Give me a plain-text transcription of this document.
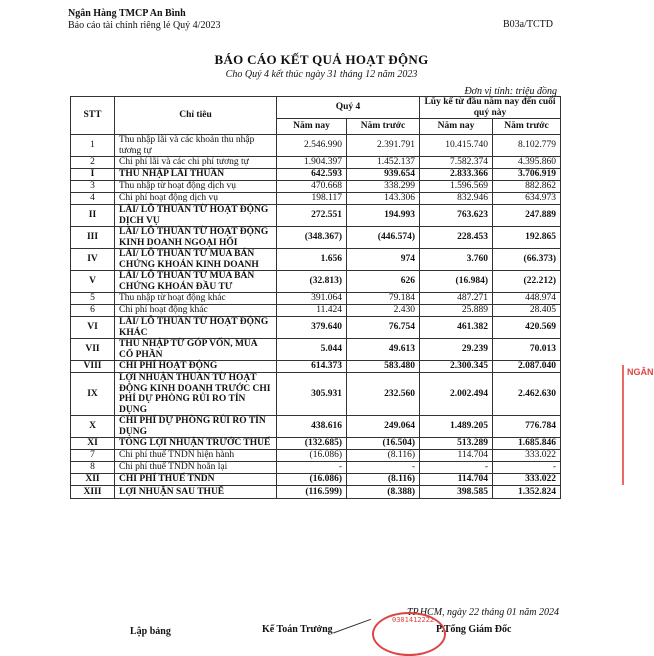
Ngân Hàng TMCP An Bình
Báo cáo tài chính riêng lẻ Quý 4/2023	B03a/TCTD
BÁO CÁO KẾT QUẢ HOẠT ĐỘNG
Cho Quý 4 kết thúc ngày 31 tháng 12 năm 2023
Đơn vị tính: triệu đồng
STT	Chỉ tiêu	Quý 4		Lũy kế từ đầu năm nay đến cuối quý này	
		Năm nay	Năm trước	Năm nay	Năm trước
1	Thu nhập lãi và các khoản thu nhập tương tự	2.546.990	2.391.791	10.415.740	8.102.779
2	Chi phí lãi và các chi phí tương tự	1.904.397	1.452.137	7.582.374	4.395.860
I	THU NHẬP LÃI THUẦN	642.593	939.654	2.833.366	3.706.919
3	Thu nhập từ hoạt động dịch vụ	470.668	338.299	1.596.569	882.862
4	Chi phí hoạt động dịch vụ	198.117	143.306	832.946	634.973
II	LÃI/ LỖ THUẦN TỪ HOẠT ĐỘNG DỊCH VỤ	272.551	194.993	763.623	247.889
III	LÃI/ LỖ THUẦN TỪ HOẠT ĐỘNG KINH DOANH NGOẠI HỐI	(348.367)	(446.574)	228.453	192.865
IV	LÃI/ LỖ THUẦN TỪ MUA BÁN CHỨNG KHOÁN KINH DOANH	1.656	974	3.760	(66.373)
V	LÃI/ LỖ THUẦN TỪ MUA BÁN CHỨNG KHOÁN ĐẦU TƯ	(32.813)	626	(16.984)	(22.212)
5	Thu nhập từ hoạt động khác	391.064	79.184	487.271	448.974
6	Chi phí hoạt động khác	11.424	2.430	25.889	28.405
VI	LÃI/ LỖ THUẦN TỪ HOẠT ĐỘNG KHÁC	379.640	76.754	461.382	420.569
VII	THU NHẬP TỪ GÓP VỐN, MUA CỔ PHẦN	5.044	49.613	29.239	70.013
VIII	CHI PHÍ HOẠT ĐỘNG	614.373	583.480	2.300.345	2.087.040
IX	LỢI NHUẬN THUẦN TỪ HOẠT ĐỘNG KINH DOANH TRƯỚC CHI PHÍ DỰ PHÒNG RỦI RO TÍN DỤNG	305.931	232.560	2.002.494	2.462.630
X	CHI PHÍ DỰ PHÒNG RỦI RO TÍN DỤNG	438.616	249.064	1.489.205	776.784
XI	TỔNG LỢI NHUẬN TRƯỚC THUẾ	(132.685)	(16.504)	513.289	1.685.846
7	Chi phí thuế TNDN hiện hành	(16.086)	(8.116)	114.704	333.022
8	Chi phí thuế TNDN hoãn lại	-	-	-	-
XII	CHI PHÍ THUẾ TNDN	(16.086)	(8.116)	114.704	333.022
XIII	LỢI NHUẬN SAU THUẾ	(116.599)	(8.388)	398.585	1.352.824
TP.HCM, ngày 22 tháng 01 năm 2024
Lập bảng	Kế Toán Trưởng
0301412222
P.Tổng Giám Đốc
NGÂN
